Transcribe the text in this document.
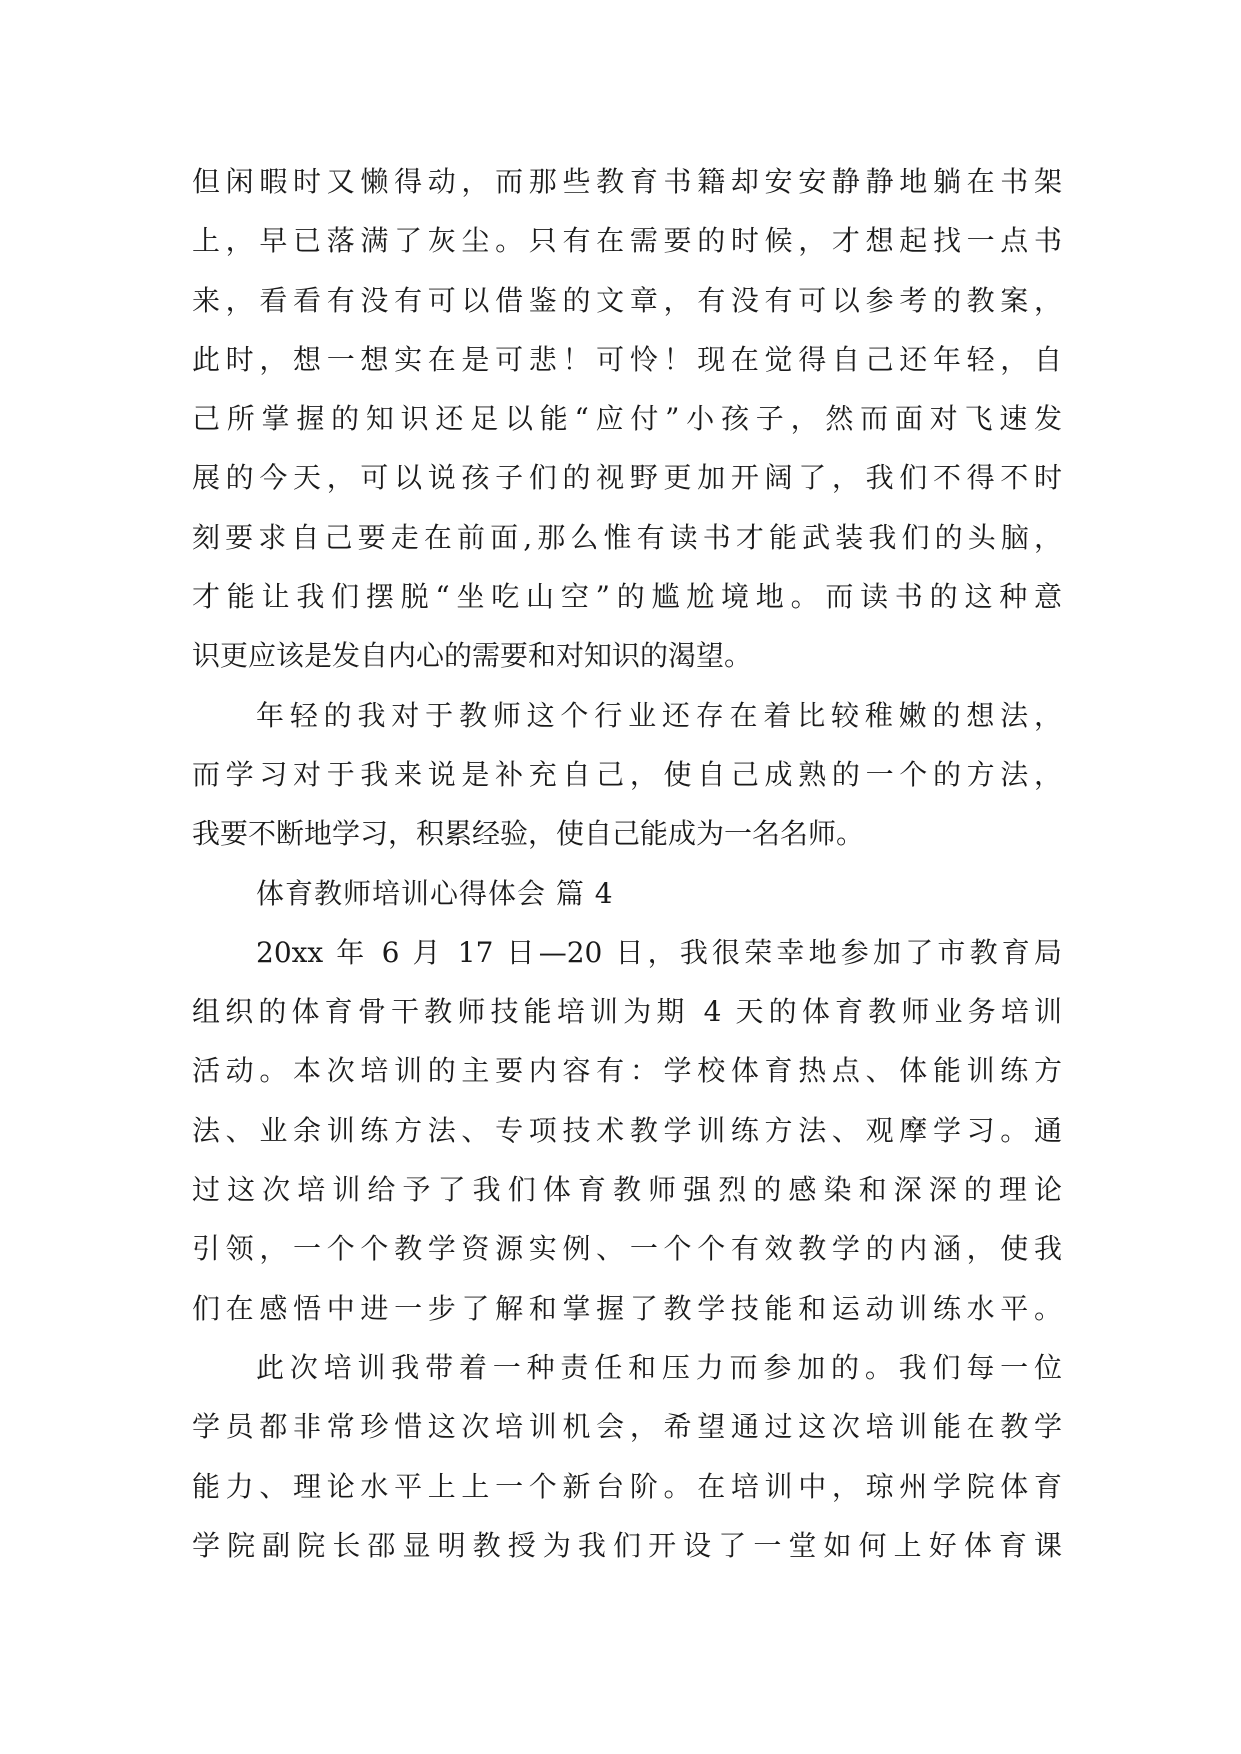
但闲暇时又懒得动，而那些教育书籍却安安静静地躺在书架
上，早已落满了灰尘。只有在需要的时候，才想起找一点书
来，看看有没有可以借鉴的文章，有没有可以参考的教案，
此时，想一想实在是可悲！可怜！现在觉得自己还年轻，自
己所掌握的知识还足以能“应付”小孩子，然而面对飞速发
展的今天，可以说孩子们的视野更加开阔了，我们不得不时
刻要求自己要走在前面,那么惟有读书才能武装我们的头脑，
才能让我们摆脱“坐吃山空”的尴尬境地。而读书的这种意
识更应该是发自内心的需要和对知识的渴望。
年轻的我对于教师这个行业还存在着比较稚嫩的想法，
而学习对于我来说是补充自己，使自己成熟的一个的方法，
我要不断地学习，积累经验，使自己能成为一名名师。
体育教师培训心得体会 篇 4
20xx 年 6 月 17 日—20 日，我很荣幸地参加了市教育局
组织的体育骨干教师技能培训为期 4 天的体育教师业务培训
活动。本次培训的主要内容有：学校体育热点、体能训练方
法、业余训练方法、专项技术教学训练方法、观摩学习。通
过这次培训给予了我们体育教师强烈的感染和深深的理论
引领，一个个教学资源实例、一个个有效教学的内涵，使我
们在感悟中进一步了解和掌握了教学技能和运动训练水平。
此次培训我带着一种责任和压力而参加的。我们每一位
学员都非常珍惜这次培训机会，希望通过这次培训能在教学
能力、理论水平上上一个新台阶。在培训中，琼州学院体育
学院副院长邵显明教授为我们开设了一堂如何上好体育课
